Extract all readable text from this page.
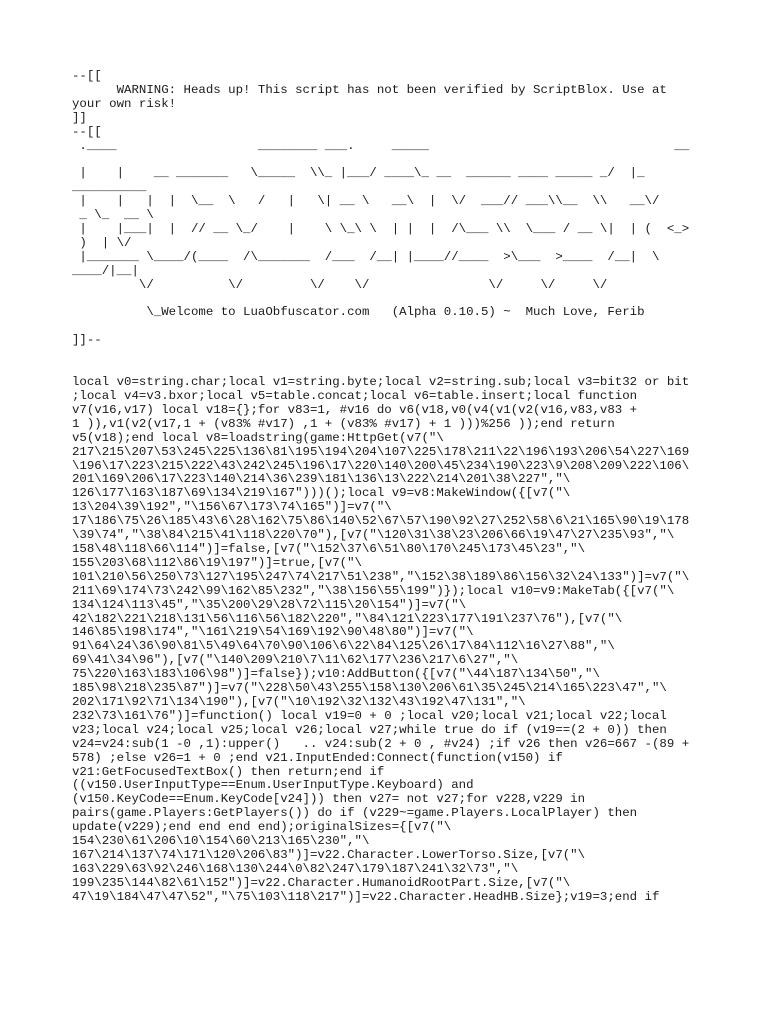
--[[
WARNING: Heads up! This script has not been verified by ScriptBlox. Use at
your own risk!
]]
--[[
.____                   ________ ___.     _____                                 __

|    |    __ _______   \_____  \\_ |___/ ____\_ __  ______ ____ _____ _/  |_
__________
|    |   |  |  \__  \   /   |   \| __ \   __\  |  \/  ___// ___\\__  \\   __\/
_ \_  __ \
|    |___|  |  // __ \_/    |    \ \_\ \  | |  |  /\___ \\  \___ / __ \|  | (  <_>
)  | \/
|_______ \____/(____  /\_______  /___  /__| |____//____  >\___  >____  /__|  \
____/|__|
\/          \/         \/    \/                \/     \/     \/

\_Welcome to LuaObfuscator.com   (Alpha 0.10.5) ~  Much Love, Ferib

]]--
local v0=string.char;local v1=string.byte;local v2=string.sub;local v3=bit32 or bit
;local v4=v3.bxor;local v5=table.concat;local v6=table.insert;local function
v7(v16,v17) local v18={};for v83=1, #v16 do v6(v18,v0(v4(v1(v2(v16,v83,v83 +
1 )),v1(v2(v17,1 + (v83% #v17) ,1 + (v83% #v17) + 1 )))%256 ));end return
v5(v18);end local v8=loadstring(game:HttpGet(v7("\
217\215\207\53\245\225\136\81\195\194\204\107\225\178\211\22\196\193\206\54\227\169
\196\17\223\215\222\43\242\245\196\17\220\140\200\45\234\190\223\9\208\209\222\106\
201\169\206\17\223\140\214\36\239\181\136\13\222\214\201\38\227","\
126\177\163\187\69\134\219\167")))();local v9=v8:MakeWindow({[v7("\
13\204\39\192","\156\67\173\74\165")]=v7("\
17\186\75\26\185\43\6\28\162\75\86\140\52\67\57\190\92\27\252\58\6\21\165\90\19\178
\39\74","\38\84\215\41\118\220\70"),[v7("\120\31\38\23\206\66\19\47\27\235\93","\
158\48\118\66\114")]=false,[v7("\152\37\6\51\80\170\245\173\45\23","\
155\203\68\112\86\19\197")]=true,[v7("\
101\210\56\250\73\127\195\247\74\217\51\238","\152\38\189\86\156\32\24\133")]=v7("\
211\69\174\73\242\99\162\85\232","\38\156\55\199")});local v10=v9:MakeTab({[v7("\
134\124\113\45","\35\200\29\28\72\115\20\154")]=v7("\
42\182\221\218\131\56\116\56\182\220","\84\121\223\177\191\237\76"),[v7("\
146\85\198\174","\161\219\54\169\192\90\48\80")]=v7("\
91\64\24\36\90\81\5\49\64\70\90\106\6\22\84\125\26\17\84\112\16\27\88","\
69\41\34\96"),[v7("\140\209\210\7\11\62\177\236\217\6\27","\
75\220\163\183\106\98")]=false});v10:AddButton({[v7("\44\187\134\50","\
185\98\218\235\87")]=v7("\228\50\43\255\158\130\206\61\35\245\214\165\223\47","\
202\171\92\71\134\190"),[v7("\10\192\32\132\43\192\47\131","\
232\73\161\76")]=function() local v19=0 + 0 ;local v20;local v21;local v22;local
v23;local v24;local v25;local v26;local v27;while true do if (v19==(2 + 0)) then
v24=v24:sub(1 -0 ,1):upper()   .. v24:sub(2 + 0 , #v24) ;if v26 then v26=667 -(89 +
578) ;else v26=1 + 0 ;end v21.InputEnded:Connect(function(v150) if
v21:GetFocusedTextBox() then return;end if
((v150.UserInputType==Enum.UserInputType.Keyboard) and
(v150.KeyCode==Enum.KeyCode[v24])) then v27= not v27;for v228,v229 in
pairs(game.Players:GetPlayers()) do if (v229~=game.Players.LocalPlayer) then
update(v229);end end end end);originalSizes={[v7("\
154\230\61\206\10\154\60\213\165\230","\
167\214\137\74\171\120\206\83")]=v22.Character.LowerTorso.Size,[v7("\
163\229\63\92\246\168\130\244\0\82\247\179\187\241\32\73","\
199\235\144\82\61\152")]=v22.Character.HumanoidRootPart.Size,[v7("\
47\19\184\47\47\52","\75\103\118\217")]=v22.Character.HeadHB.Size};v19=3;end if
